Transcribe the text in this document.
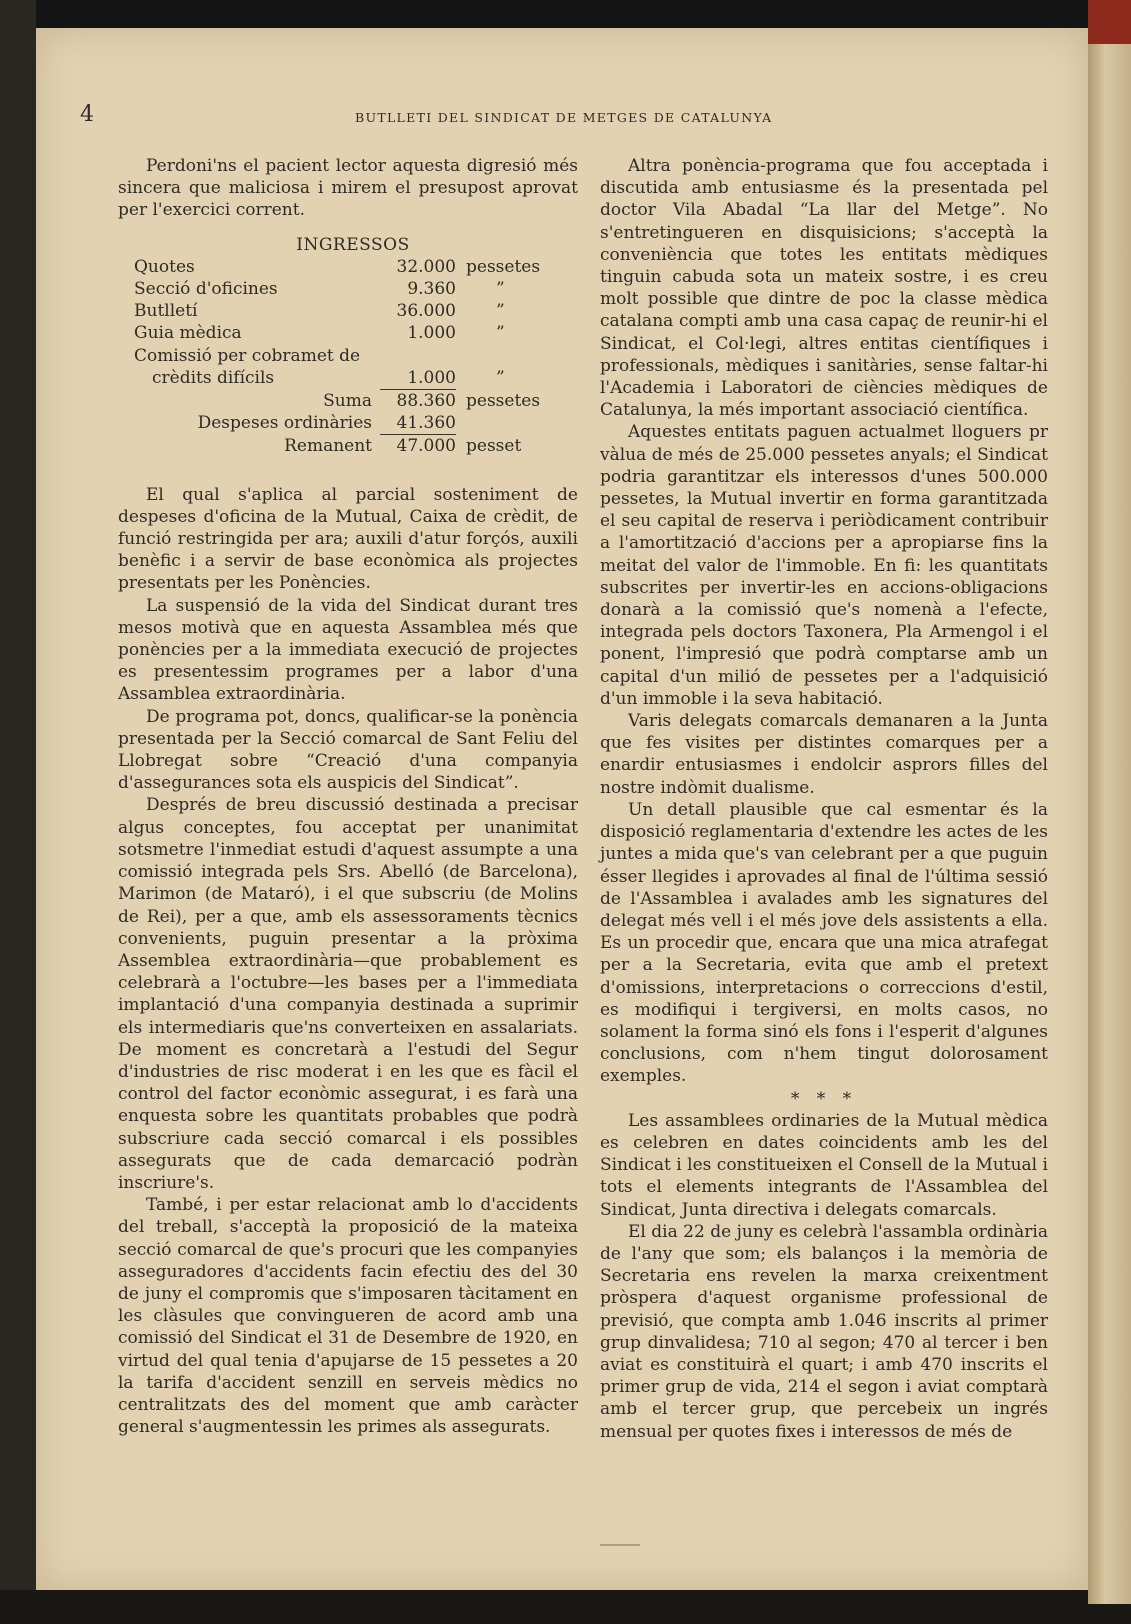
4	BUTLLETI DEL SINDICAT DE METGES DE CATALUNYA

Perdoni'ns el pacient lector aquesta digresió més sincera que maliciosa i mirem el presupost aprovat per l'exercici corrent.

INGRESSOS
Quotes	32.000 pessetes
Secció d'oficines	9.360	”
Butlletí	36.000	”
Guia mèdica	1.000	”
Comissió per cobramet de
crèdits difícils	1.000	”
Suma	88.360 pessetes
Despeses ordinàries	41.360
Remanent	47.000 pesset

El qual s'aplica al parcial sosteniment de despeses d'oficina de la Mutual, Caixa de crèdit, de funció restringida per ara; auxili d'atur forçós, auxili benèfic i a servir de base econòmica als projectes presentats per les Ponències.

La suspensió de la vida del Sindicat durant tres mesos motivà que en aquesta Assamblea més que ponències per a la immediata execució de projectes es presentessim programes per a labor d'una Assamblea extraordinària.

De programa pot, doncs, qualificar-se la ponència presentada per la Secció comarcal de Sant Feliu del Llobregat sobre “Creació d'una companyia d'assegurances sota els auspicis del Sindicat”.

Després de breu discussió destinada a precisar algus conceptes, fou acceptat per unanimitat sotsmetre l'inmediat estudi d'aquest assumpte a una comissió integrada pels Srs. Abelló (de Barcelona), Marimon (de Mataró), i el que subscriu (de Molins de Rei), per a que, amb els assessoraments tècnics convenients, puguin presentar a la pròxima Assemblea extraordinària—que probablement es celebrarà a l'octubre—les bases per a l'immediata implantació d'una companyia destinada a suprimir els intermediaris que'ns converteixen en assalariats. De moment es concretarà a l'estudi del Segur d'industries de risc moderat i en les que es fàcil el control del factor econòmic assegurat, i es farà una enquesta sobre les quantitats probables que podrà subscriure cada secció comarcal i els possibles assegurats que de cada demarcació podràn inscriure's.

També, i per estar relacionat amb lo d'accidents del treball, s'acceptà la proposició de la mateixa secció comarcal de que's procuri que les companyies asseguradores d'accidents facin efectiu des del 30 de juny el compromis que s'imposaren tàcitament en les clàsules que convingueren de acord amb una comissió del Sindicat el 31 de Desembre de 1920, en virtud del qual tenia d'apujarse de 15 pessetes a 20 la tarifa d'accident senzill en serveis mèdics no centralitzats des del moment que amb caràcter general s'augmentessin les primes als assegurats.

Altra ponència-programa que fou acceptada i discutida amb entusiasme és la presentada pel doctor Vila Abadal “La llar del Metge”. No s'entretingueren en disquisicions; s'acceptà la conveniència que totes les entitats mèdiques tinguin cabuda sota un mateix sostre, i es creu molt possible que dintre de poc la classe mèdica catalana compti amb una casa capaç de reunir-hi el Sindicat, el Col·legi, altres entitas científiques i professionals, mèdiques i sanitàries, sense faltar-hi l'Academia i Laboratori de ciències mèdiques de Catalunya, la més important associació científica.

Aquestes entitats paguen actualmet lloguers pr vàlua de més de 25.000 pessetes anyals; el Sindicat podria garantitzar els interessos d'unes 500.000 pessetes, la Mutual invertir en forma garantitzada el seu capital de reserva i periòdicament contribuir a l'amortització d'accions per a apropiarse fins la meitat del valor de l'immoble. En fi: les quantitats subscrites per invertir-les en accions-obligacions donarà a la comissió que's nomenà a l'efecte, integrada pels doctors Taxonera, Pla Armengol i el ponent, l'impresió que podrà comptarse amb un capital d'un milió de pessetes per a l'adquisició d'un immoble i la seva habitació.

Varis delegats comarcals demanaren a la Junta que fes visites per distintes comarques per a enardir entusiasmes i endolcir asprors filles del nostre indòmit dualisme.

Un detall plausible que cal esmentar és la disposició reglamentaria d'extendre les actes de les juntes a mida que's van celebrant per a que puguin ésser llegides i aprovades al final de l'última sessió de l'Assamblea i avalades amb les signatures del delegat més vell i el més jove dels assistents a ella. Es un procedir que, encara que una mica atrafegat per a la Secretaria, evita que amb el pretext d'omissions, interpretacions o correccions d'estil, es modifiqui i tergiversi, en molts casos, no solament la forma sinó els fons i l'esperit d'algunes conclusions, com n'hem tingut dolorosament exemples.

* * *

Les assamblees ordinaries de la Mutual mèdica es celebren en dates coincidents amb les del Sindicat i les constitueixen el Consell de la Mutual i tots el elements integrants de l'Assamblea del Sindicat, Junta directiva i delegats comarcals.

El dia 22 de juny es celebrà l'assambla ordinària de l'any que som; els balanços i la memòria de Secretaria ens revelen la marxa creixentment pròspera d'aquest organisme professional de previsió, que compta amb 1.046 inscrits al primer grup dinvalidesa; 710 al segon; 470 al tercer i ben aviat es constituirà el quart; i amb 470 inscrits el primer grup de vida, 214 el segon i aviat comptarà amb el tercer grup, que percebeix un ingrés mensual per quotes fixes i interessos de més de
